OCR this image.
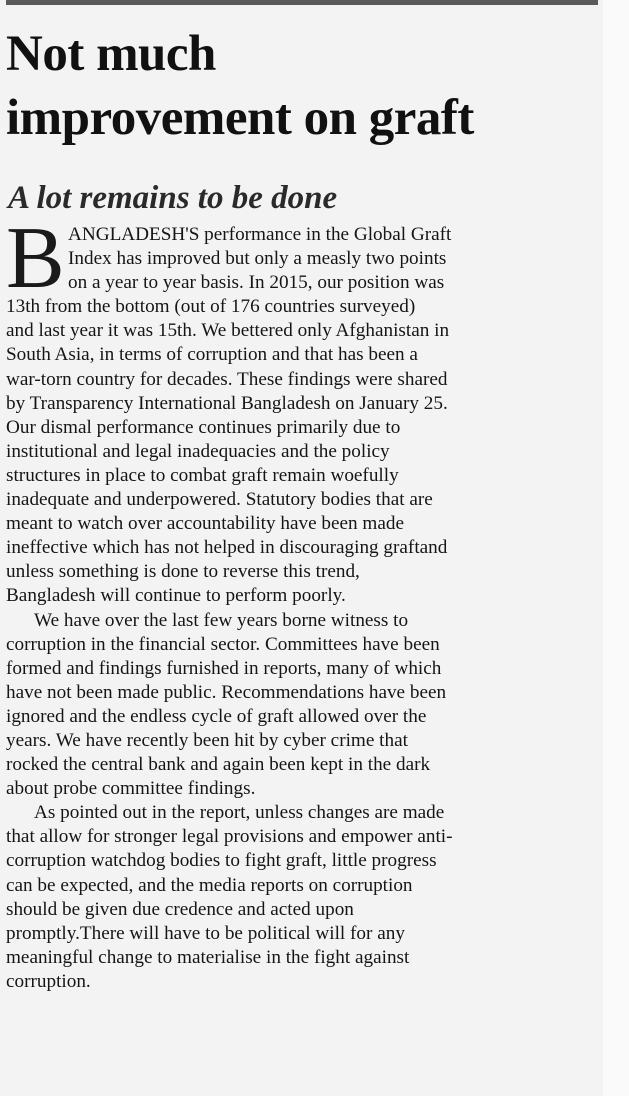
Not much
improvement on graft
A lot remains to be done
B ANGLADESH'S performance in the Global Graft
Index has improved but only a measly two points
on a year to year basis. In 2015, our position was
13th from the bottom (out of 176 countries surveyed)
and last year it was 15th. We bettered only Afghanistan in
South Asia, in terms of corruption and that has been a
war-torn country for decades. These findings were shared
by Transparency International Bangladesh on January 25.
Our dismal performance continues primarily due to
institutional and legal inadequacies and the policy
structures in place to combat graft remain woefully
inadequate and underpowered. Statutory bodies that are
meant to watch over accountability have been made
ineffective which has not helped in discouraging graftand
unless something is done to reverse this trend,
Bangladesh will continue to perform poorly.
We have over the last few years borne witness to
corruption in the financial sector. Committees have been
formed and findings furnished in reports, many of which
have not been made public. Recommendations have been
ignored and the endless cycle of graft allowed over the
years. We have recently been hit by cyber crime that
rocked the central bank and again been kept in the dark
about probe committee findings.
As pointed out in the report, unless changes are made
that allow for stronger legal provisions and empower anti-
corruption watchdog bodies to fight graft, little progress
can be expected, and the media reports on corruption
should be given due credence and acted upon
promptly.There will have to be political will for any
meaningful change to materialise in the fight against
corruption.
